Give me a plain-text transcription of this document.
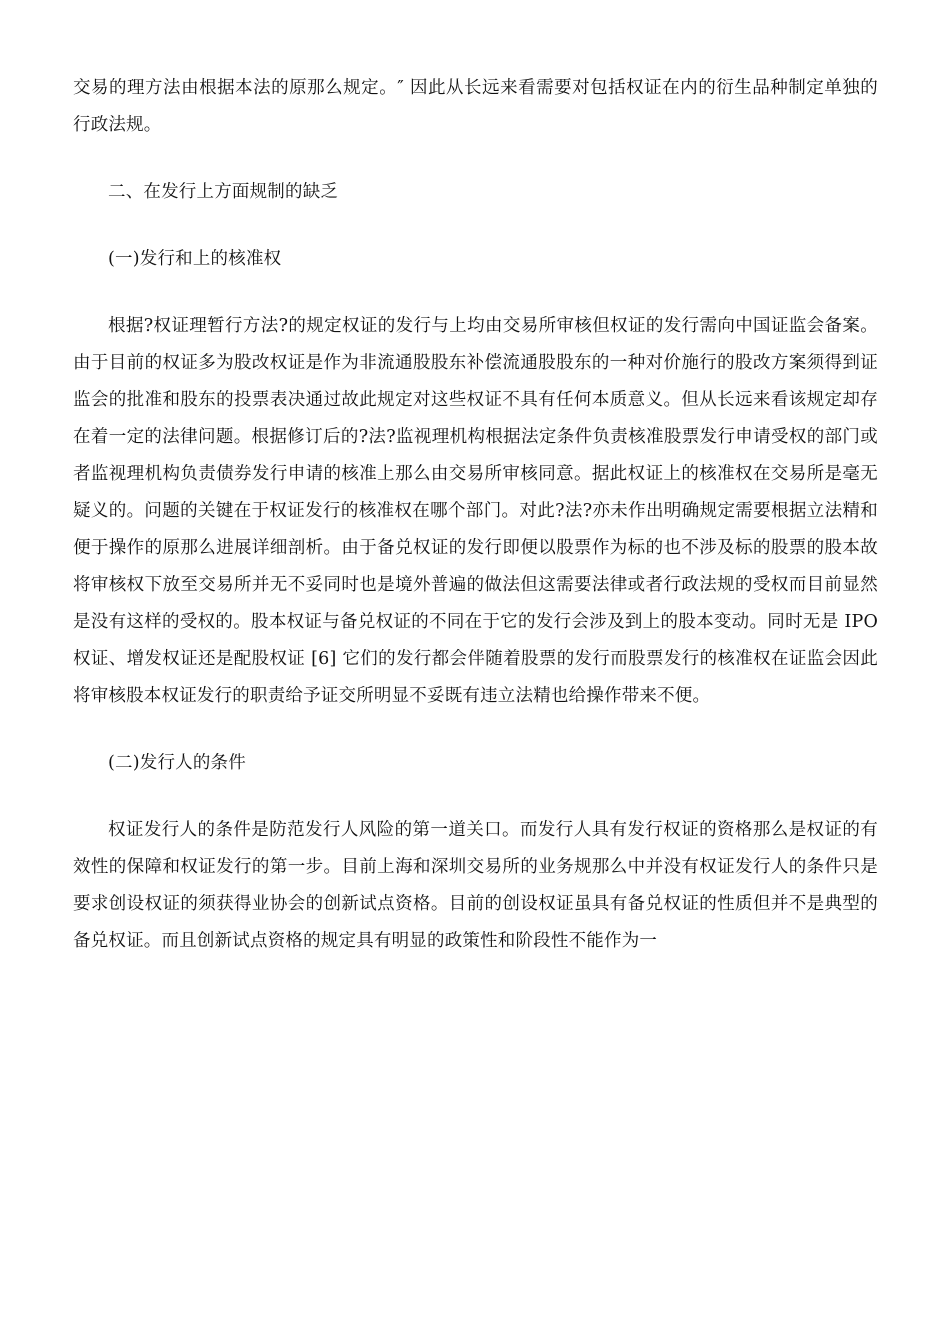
交易的理方法由根据本法的原那么规定。″ 因此从长远来看需要对包括权证在内的衍生品种制定单独的行政法规。

二、在发行上方面规制的缺乏

(一)发行和上的核准权

根据?权证理暂行方法?的规定权证的发行与上均由交易所审核但权证的发行需向中国证监会备案。由于目前的权证多为股改权证是作为非流通股股东补偿流通股股东的一种对价施行的股改方案须得到证监会的批准和股东的投票表决通过故此规定对这些权证不具有任何本质意义。但从长远来看该规定却存在着一定的法律问题。根据修订后的?法?监视理机构根据法定条件负责核准股票发行申请受权的部门或者监视理机构负责债券发行申请的核准上那么由交易所审核同意。据此权证上的核准权在交易所是毫无疑义的。问题的关键在于权证发行的核准权在哪个部门。对此?法?亦未作出明确规定需要根据立法精和便于操作的原那么进展详细剖析。由于备兑权证的发行即便以股票作为标的也不涉及标的股票的股本故将审核权下放至交易所并无不妥同时也是境外普遍的做法但这需要法律或者行政法规的受权而目前显然是没有这样的受权的。股本权证与备兑权证的不同在于它的发行会涉及到上的股本变动。同时无是 IPO 权证、增发权证还是配股权证 [6] 它们的发行都会伴随着股票的发行而股票发行的核准权在证监会因此将审核股本权证发行的职责给予证交所明显不妥既有违立法精也给操作带来不便。

(二)发行人的条件

权证发行人的条件是防范发行人风险的第一道关口。而发行人具有发行权证的资格那么是权证的有效性的保障和权证发行的第一步。目前上海和深圳交易所的业务规那么中并没有权证发行人的条件只是要求创设权证的须获得业协会的创新试点资格。目前的创设权证虽具有备兑权证的性质但并不是典型的备兑权证。而且创新试点资格的规定具有明显的政策性和阶段性不能作为一
